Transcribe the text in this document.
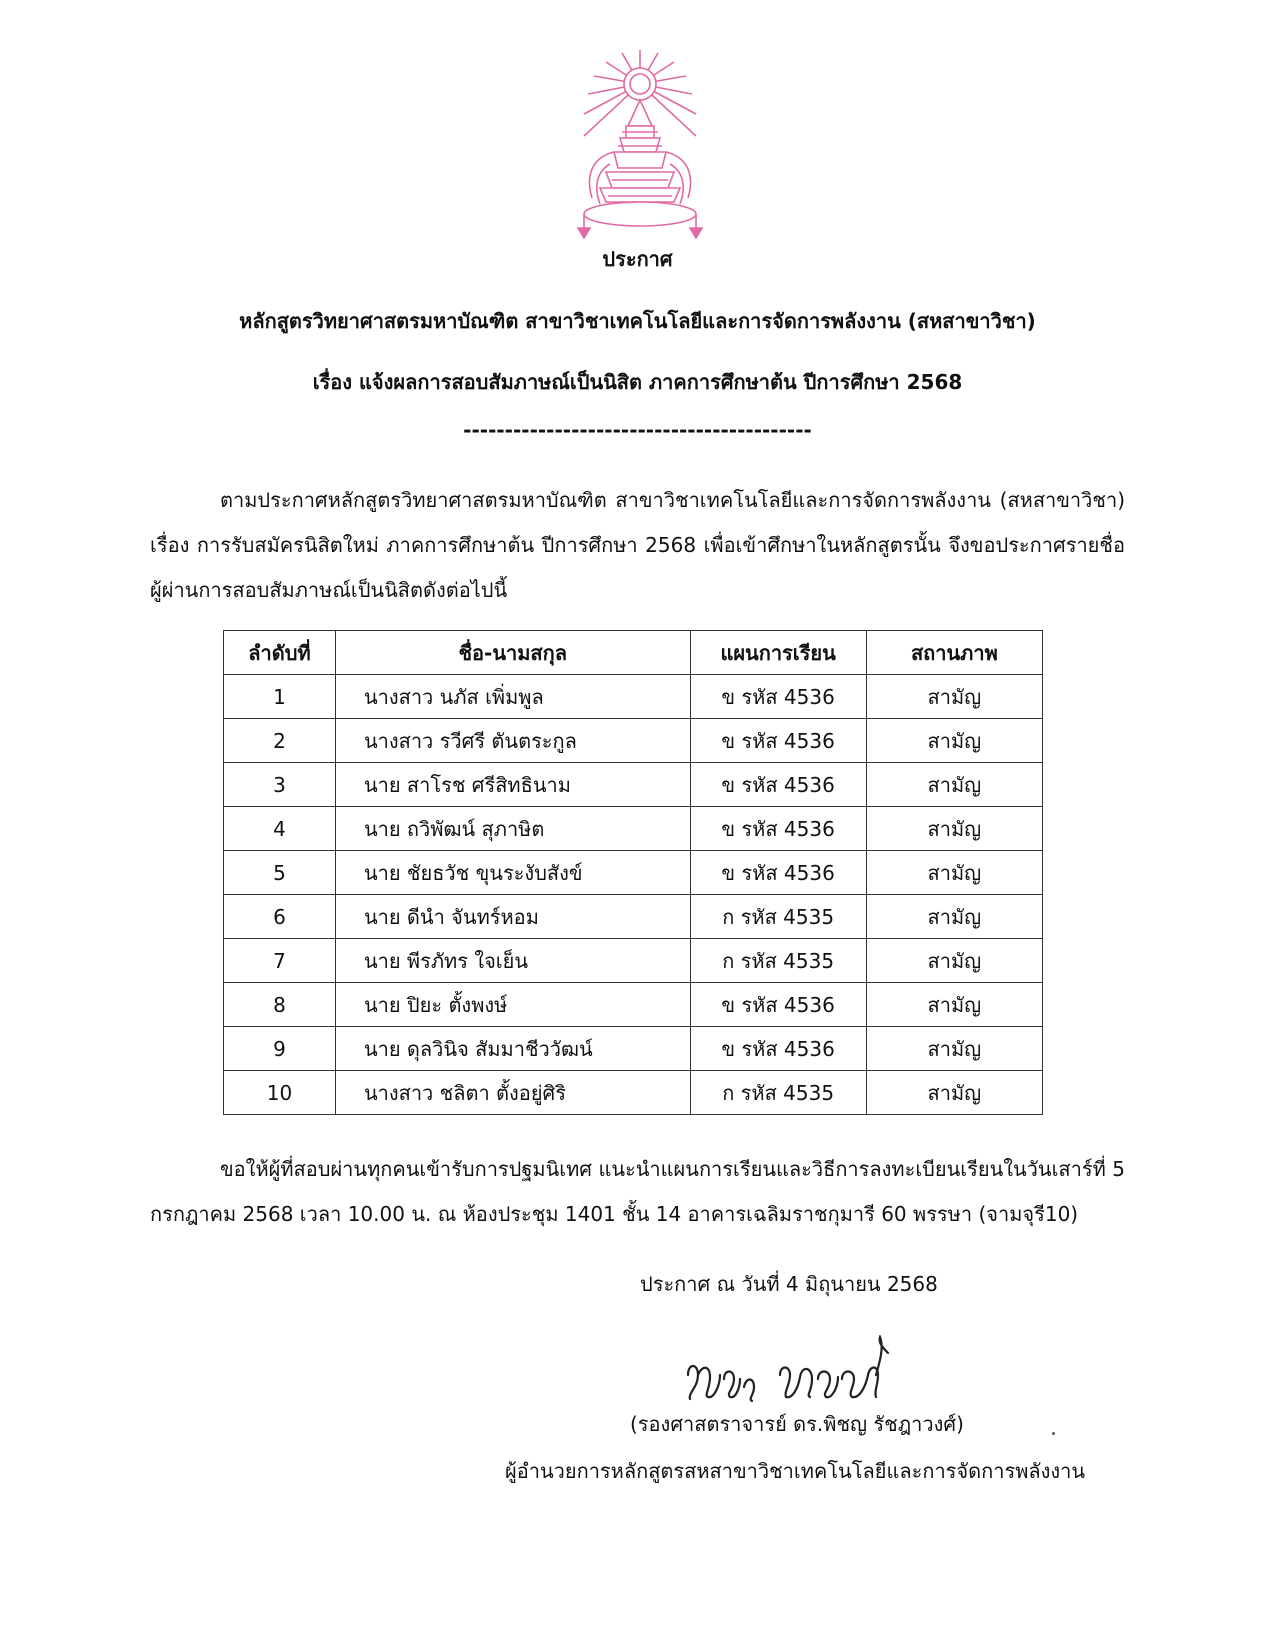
ประกาศ
หลักสูตรวิทยาศาสตรมหาบัณฑิต สาขาวิชาเทคโนโลยีและการจัดการพลังงาน (สหสาขาวิชา)
เรื่อง แจ้งผลการสอบสัมภาษณ์เป็นนิสิต ภาคการศึกษาต้น ปีการศึกษา 2568
------------------------------------------
ตามประกาศหลักสูตรวิทยาศาสตรมหาบัณฑิต สาขาวิชาเทคโนโลยีและการจัดการพลังงาน (สหสาขาวิชา) เรื่อง การรับสมัครนิสิตใหม่ ภาคการศึกษาต้น ปีการศึกษา 2568 เพื่อเข้าศึกษาในหลักสูตรนั้น จึงขอประกาศรายชื่อผู้ผ่านการสอบสัมภาษณ์เป็นนิสิตดังต่อไปนี้
ลำดับที่	ชื่อ-นามสกุล	แผนการเรียน	สถานภาพ
1	นางสาว นภัส เพิ่มพูล	ข รหัส 4536	สามัญ
2	นางสาว รวีศรี ตันตระกูล	ข รหัส 4536	สามัญ
3	นาย สาโรช ศรีสิทธินาม	ข รหัส 4536	สามัญ
4	นาย ถวิพัฒน์ สุภาษิต	ข รหัส 4536	สามัญ
5	นาย ชัยธวัช ขุนระงับสังข์	ข รหัส 4536	สามัญ
6	นาย ดีนำ จันทร์หอม	ก รหัส 4535	สามัญ
7	นาย พีรภัทร ใจเย็น	ก รหัส 4535	สามัญ
8	นาย ปิยะ ตั้งพงษ์	ข รหัส 4536	สามัญ
9	นาย ดุลวินิจ สัมมาชีววัฒน์	ข รหัส 4536	สามัญ
10	นางสาว ชลิตา ตั้งอยู่ศิริ	ก รหัส 4535	สามัญ
ขอให้ผู้ที่สอบผ่านทุกคนเข้ารับการปฐมนิเทศ แนะนำแผนการเรียนและวิธีการลงทะเบียนเรียนในวันเสาร์ที่ 5 กรกฎาคม 2568 เวลา 10.00 น. ณ ห้องประชุม 1401 ชั้น 14 อาคารเฉลิมราชกุมารี 60 พรรษา (จามจุรี10)
ประกาศ ณ วันที่ 4 มิถุนายน 2568
(รองศาสตราจารย์ ดร.พิชญ รัชฎาวงศ์)
ผู้อำนวยการหลักสูตรสหสาขาวิชาเทคโนโลยีและการจัดการพลังงาน
